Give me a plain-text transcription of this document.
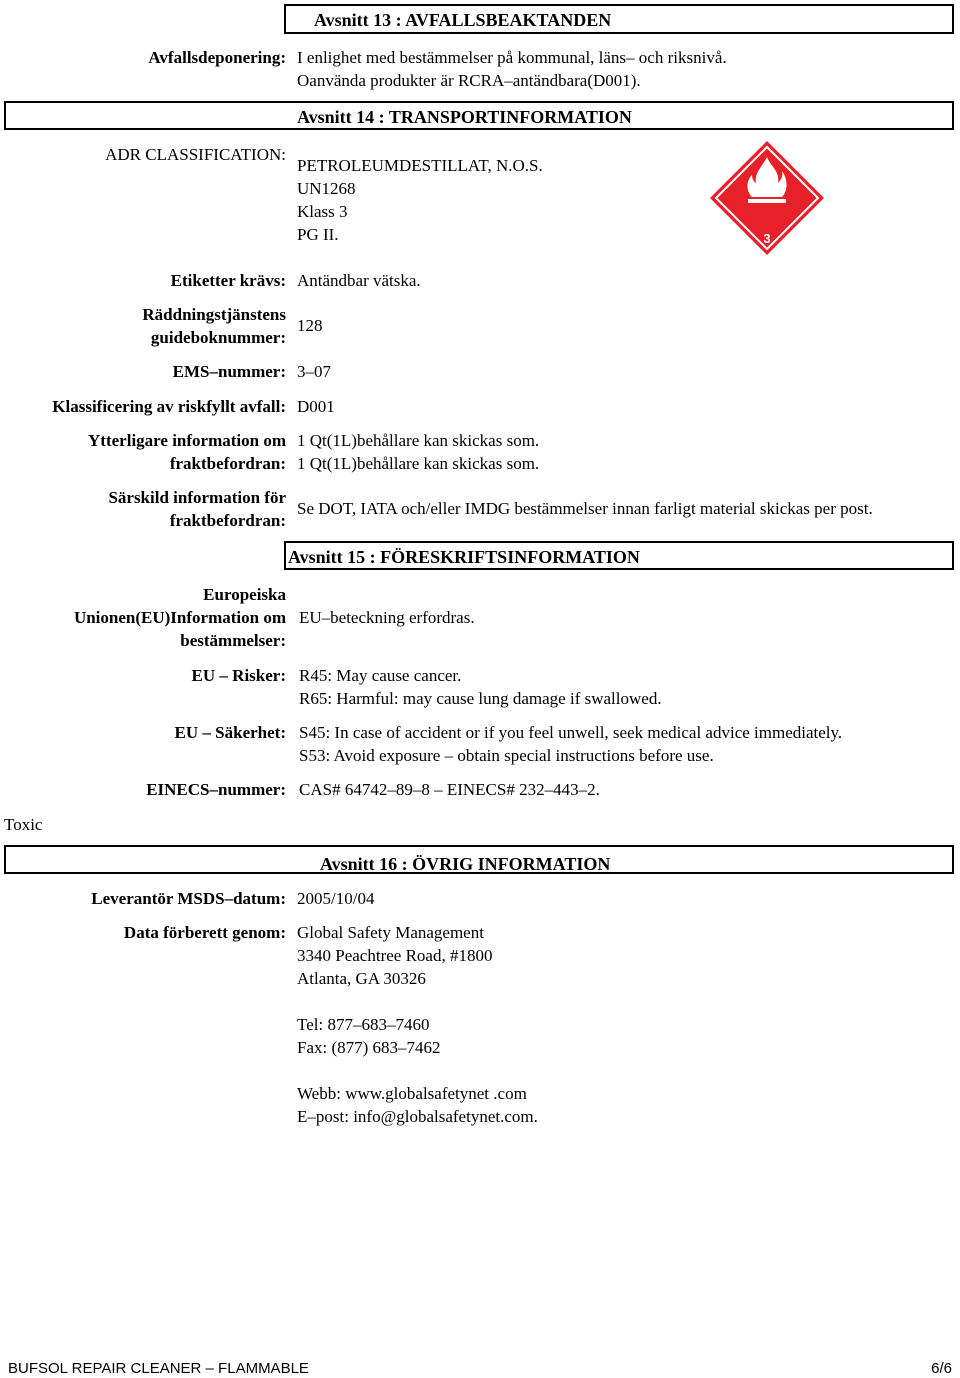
Avsnitt 13 : AVFALLSBEAKTANDEN
Avfallsdeponering: I enlighet med bestämmelser på kommunal, läns– och riksnivå.
Oanvända produkter är RCRA–antändbara(D001).
Avsnitt 14 : TRANSPORTINFORMATION
ADR CLASSIFICATION:
PETROLEUMDESTILLAT, N.O.S.
UN1268
Klass 3
PG II.	3
Etiketter krävs: Antändbar vätska.
Räddningstjänstens
guideboknummer:
128
EMS–nummer: 3–07
Klassificering av riskfyllt avfall: D001
Ytterligare information om
fraktbefordran:
1 Qt(1L)behållare kan skickas som.
1 Qt(1L)behållare kan skickas som.
Särskild information för
fraktbefordran:
Se DOT, IATA och/eller IMDG bestämmelser innan farligt material skickas per post.
Avsnitt 15 : FÖRESKRIFTSINFORMATION
Europeiska
Unionen(EU)Information om
bestämmelser:
EU–beteckning erfordras.
EU – Risker: R45: May cause cancer.
R65: Harmful: may cause lung damage if swallowed.
EU – Säkerhet: S45: In case of accident or if you feel unwell, seek medical advice immediately.
S53: Avoid exposure – obtain special instructions before use.
EINECS–nummer: CAS# 64742–89–8 – EINECS# 232–443–2.
Toxic
Avsnitt 16 : ÖVRIG INFORMATION
Leverantör MSDS–datum: 2005/10/04
Data förberett genom: Global Safety Management
3340 Peachtree Road, #1800
Atlanta, GA 30326
Tel: 877–683–7460
Fax: (877) 683–7462
Webb: www.globalsafetynet .com
E–post: info@globalsafetynet.com.
BUFSOL REPAIR CLEANER – FLAMMABLE	6/6
